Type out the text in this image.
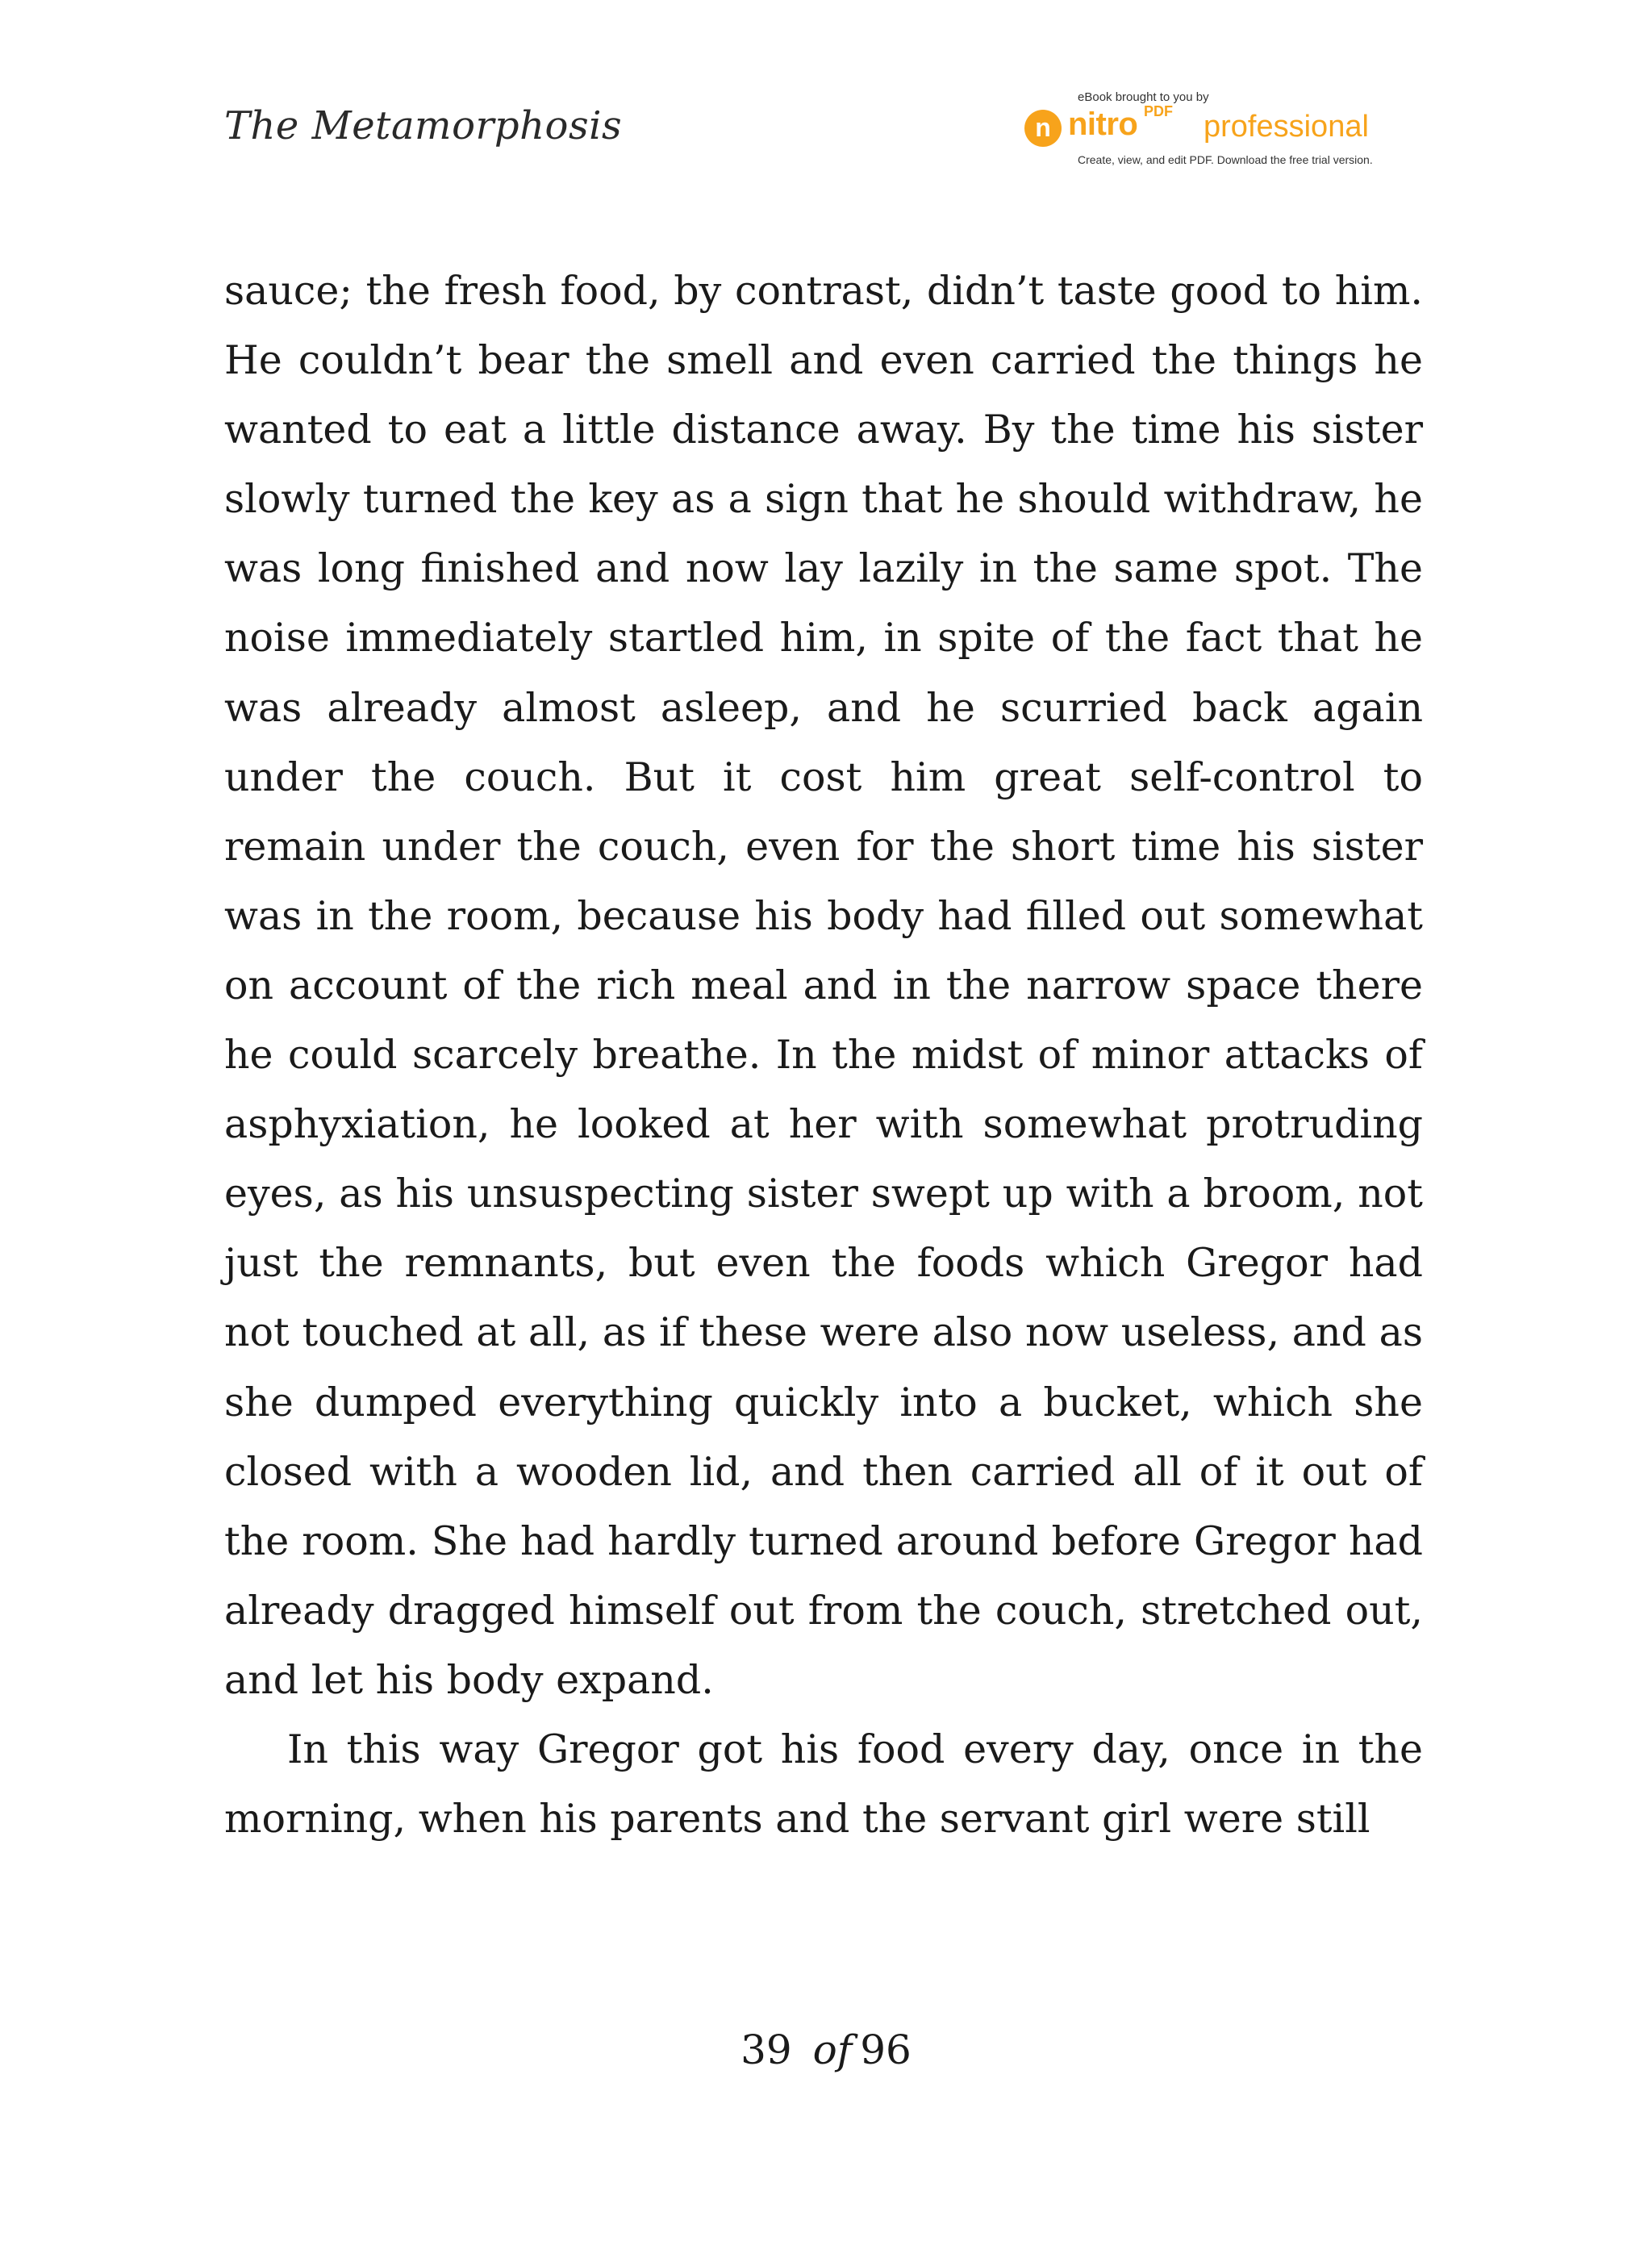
The Metamorphosis
eBook brought to you by
n nitro PDF professional
Create, view, and edit PDF. Download the free trial version.

sauce; the fresh food, by contrast, didn’t taste good to him. He couldn’t bear the smell and even carried the things he wanted to eat a little distance away. By the time his sister slowly turned the key as a sign that he should withdraw, he was long finished and now lay lazily in the same spot. The noise immediately startled him, in spite of the fact that he was already almost asleep, and he scurried back again under the couch. But it cost him great self-control to remain under the couch, even for the short time his sister was in the room, because his body had filled out somewhat on account of the rich meal and in the narrow space there he could scarcely breathe. In the midst of minor attacks of asphyxiation, he looked at her with somewhat protruding eyes, as his unsuspecting sister swept up with a broom, not just the remnants, but even the foods which Gregor had not touched at all, as if these were also now useless, and as she dumped everything quickly into a bucket, which she closed with a wooden lid, and then carried all of it out of the room. She had hardly turned around before Gregor had already dragged himself out from the couch, stretched out, and let his body expand.

In this way Gregor got his food every day, once in the morning, when his parents and the servant girl were still

39 of 96
